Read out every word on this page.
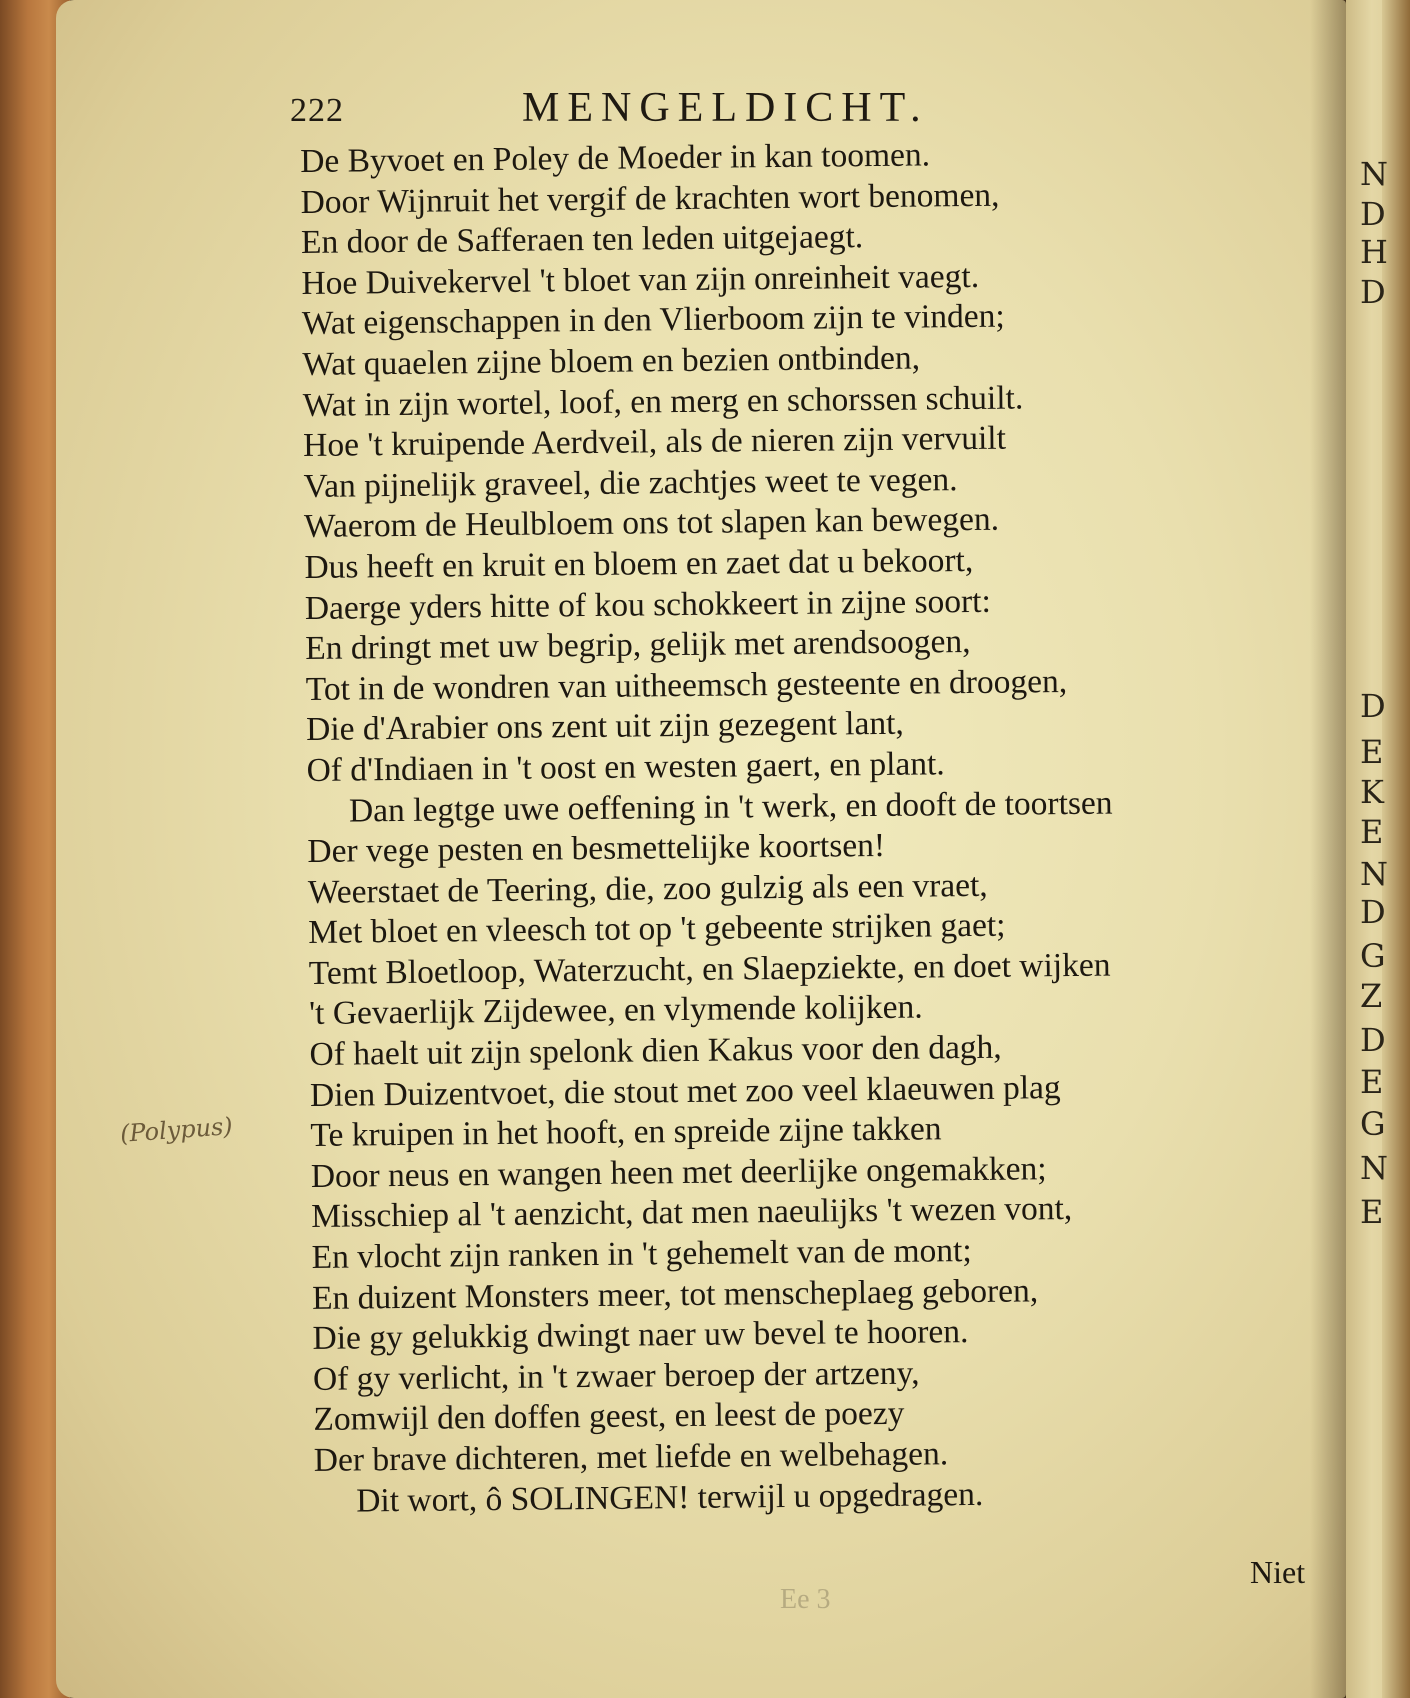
N
D
H
D
D
E
K
E
N
D
G
Z
D
E
G
N
E
222	MENGELDICHT.
De Byvoet en Poley de Moeder in kan toomen.
Door Wijnruit het vergif de krachten wort benomen,
En door de Safferaen ten leden uitgejaegt.
Hoe Duivekervel 't bloet van zijn onreinheit vaegt.
Wat eigenschappen in den Vlierboom zijn te vinden;
Wat quaelen zijne bloem en bezien ontbinden,
Wat in zijn wortel, loof, en merg en schorssen schuilt.
Hoe 't kruipende Aerdveil, als de nieren zijn vervuilt
Van pijnelijk graveel, die zachtjes weet te vegen.
Waerom de Heulbloem ons tot slapen kan bewegen.
Dus heeft en kruit en bloem en zaet dat u bekoort,
Daerge yders hitte of kou schokkeert in zijne soort:
En dringt met uw begrip, gelijk met arendsoogen,
Tot in de wondren van uitheemsch gesteente en droogen,
Die d'Arabier ons zent uit zijn gezegent lant,
Of d'Indiaen in 't oost en westen gaert, en plant.
Dan legtge uwe oeffening in 't werk, en dooft de toortsen
Der vege pesten en besmettelijke koortsen!
Weerstaet de Teering, die, zoo gulzig als een vraet,
Met bloet en vleesch tot op 't gebeente strijken gaet;
Temt Bloetloop, Waterzucht, en Slaepziekte, en doet wijken
't Gevaerlijk Zijdewee, en vlymende kolijken.
Of haelt uit zijn spelonk dien Kakus voor den dagh,
Dien Duizentvoet, die stout met zoo veel klaeuwen plag
Te kruipen in het hooft, en spreide zijne takken
Door neus en wangen heen met deerlijke ongemakken;
Misschiep al 't aenzicht, dat men naeulijks 't wezen vont,
En vlocht zijn ranken in 't gehemelt van de mont;
En duizent Monsters meer, tot menscheplaeg geboren,
Die gy gelukkig dwingt naer uw bevel te hooren.
Of gy verlicht, in 't zwaer beroep der artzeny,
Zomwijl den doffen geest, en leest de poezy
Der brave dichteren, met liefde en welbehagen.
Dit wort, ô SOLINGEN! terwijl u opgedragen.
(Polypus)
Niet
Ee 3
